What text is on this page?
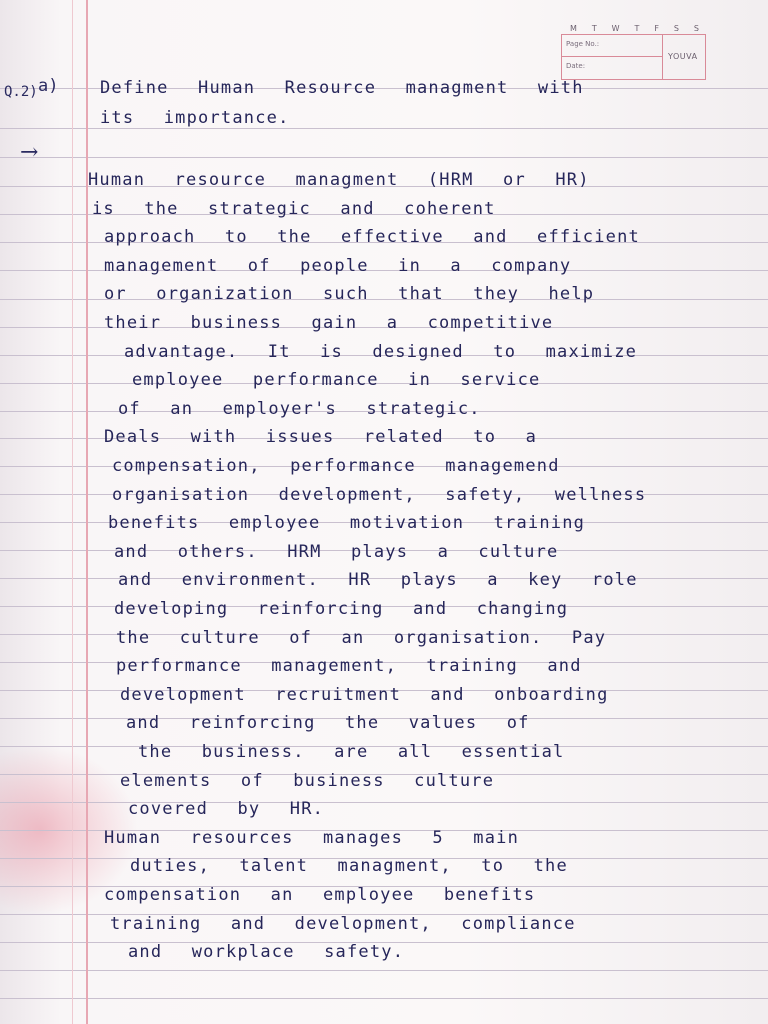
M T W T F S S
Page No.:
Date:
YOUVA
Q.2) a) Define Human Resource managment with
its importance.
→
Human resource managment (HRM or HR)
is the strategic and coherent
approach to the effective and efficient
management of people in a company
or organization such that they help
their business gain a competitive
advantage. It is designed to maximize
employee performance in service
of an employer's strategic.
Deals with issues related to a
compensation, performance managemend
organisation development, safety, wellness
benefits employee motivation training
and others. HRM plays a culture
and environment. HR plays a key role
developing reinforcing and changing
the culture of an organisation. Pay
performance management, training and
development recruitment and onboarding
and reinforcing the values of
the business. are all essential
elements of business culture
covered by HR.
Human resources manages 5 main
duties, talent managment, to the
compensation an employee benefits
training and development, compliance
and workplace safety.
